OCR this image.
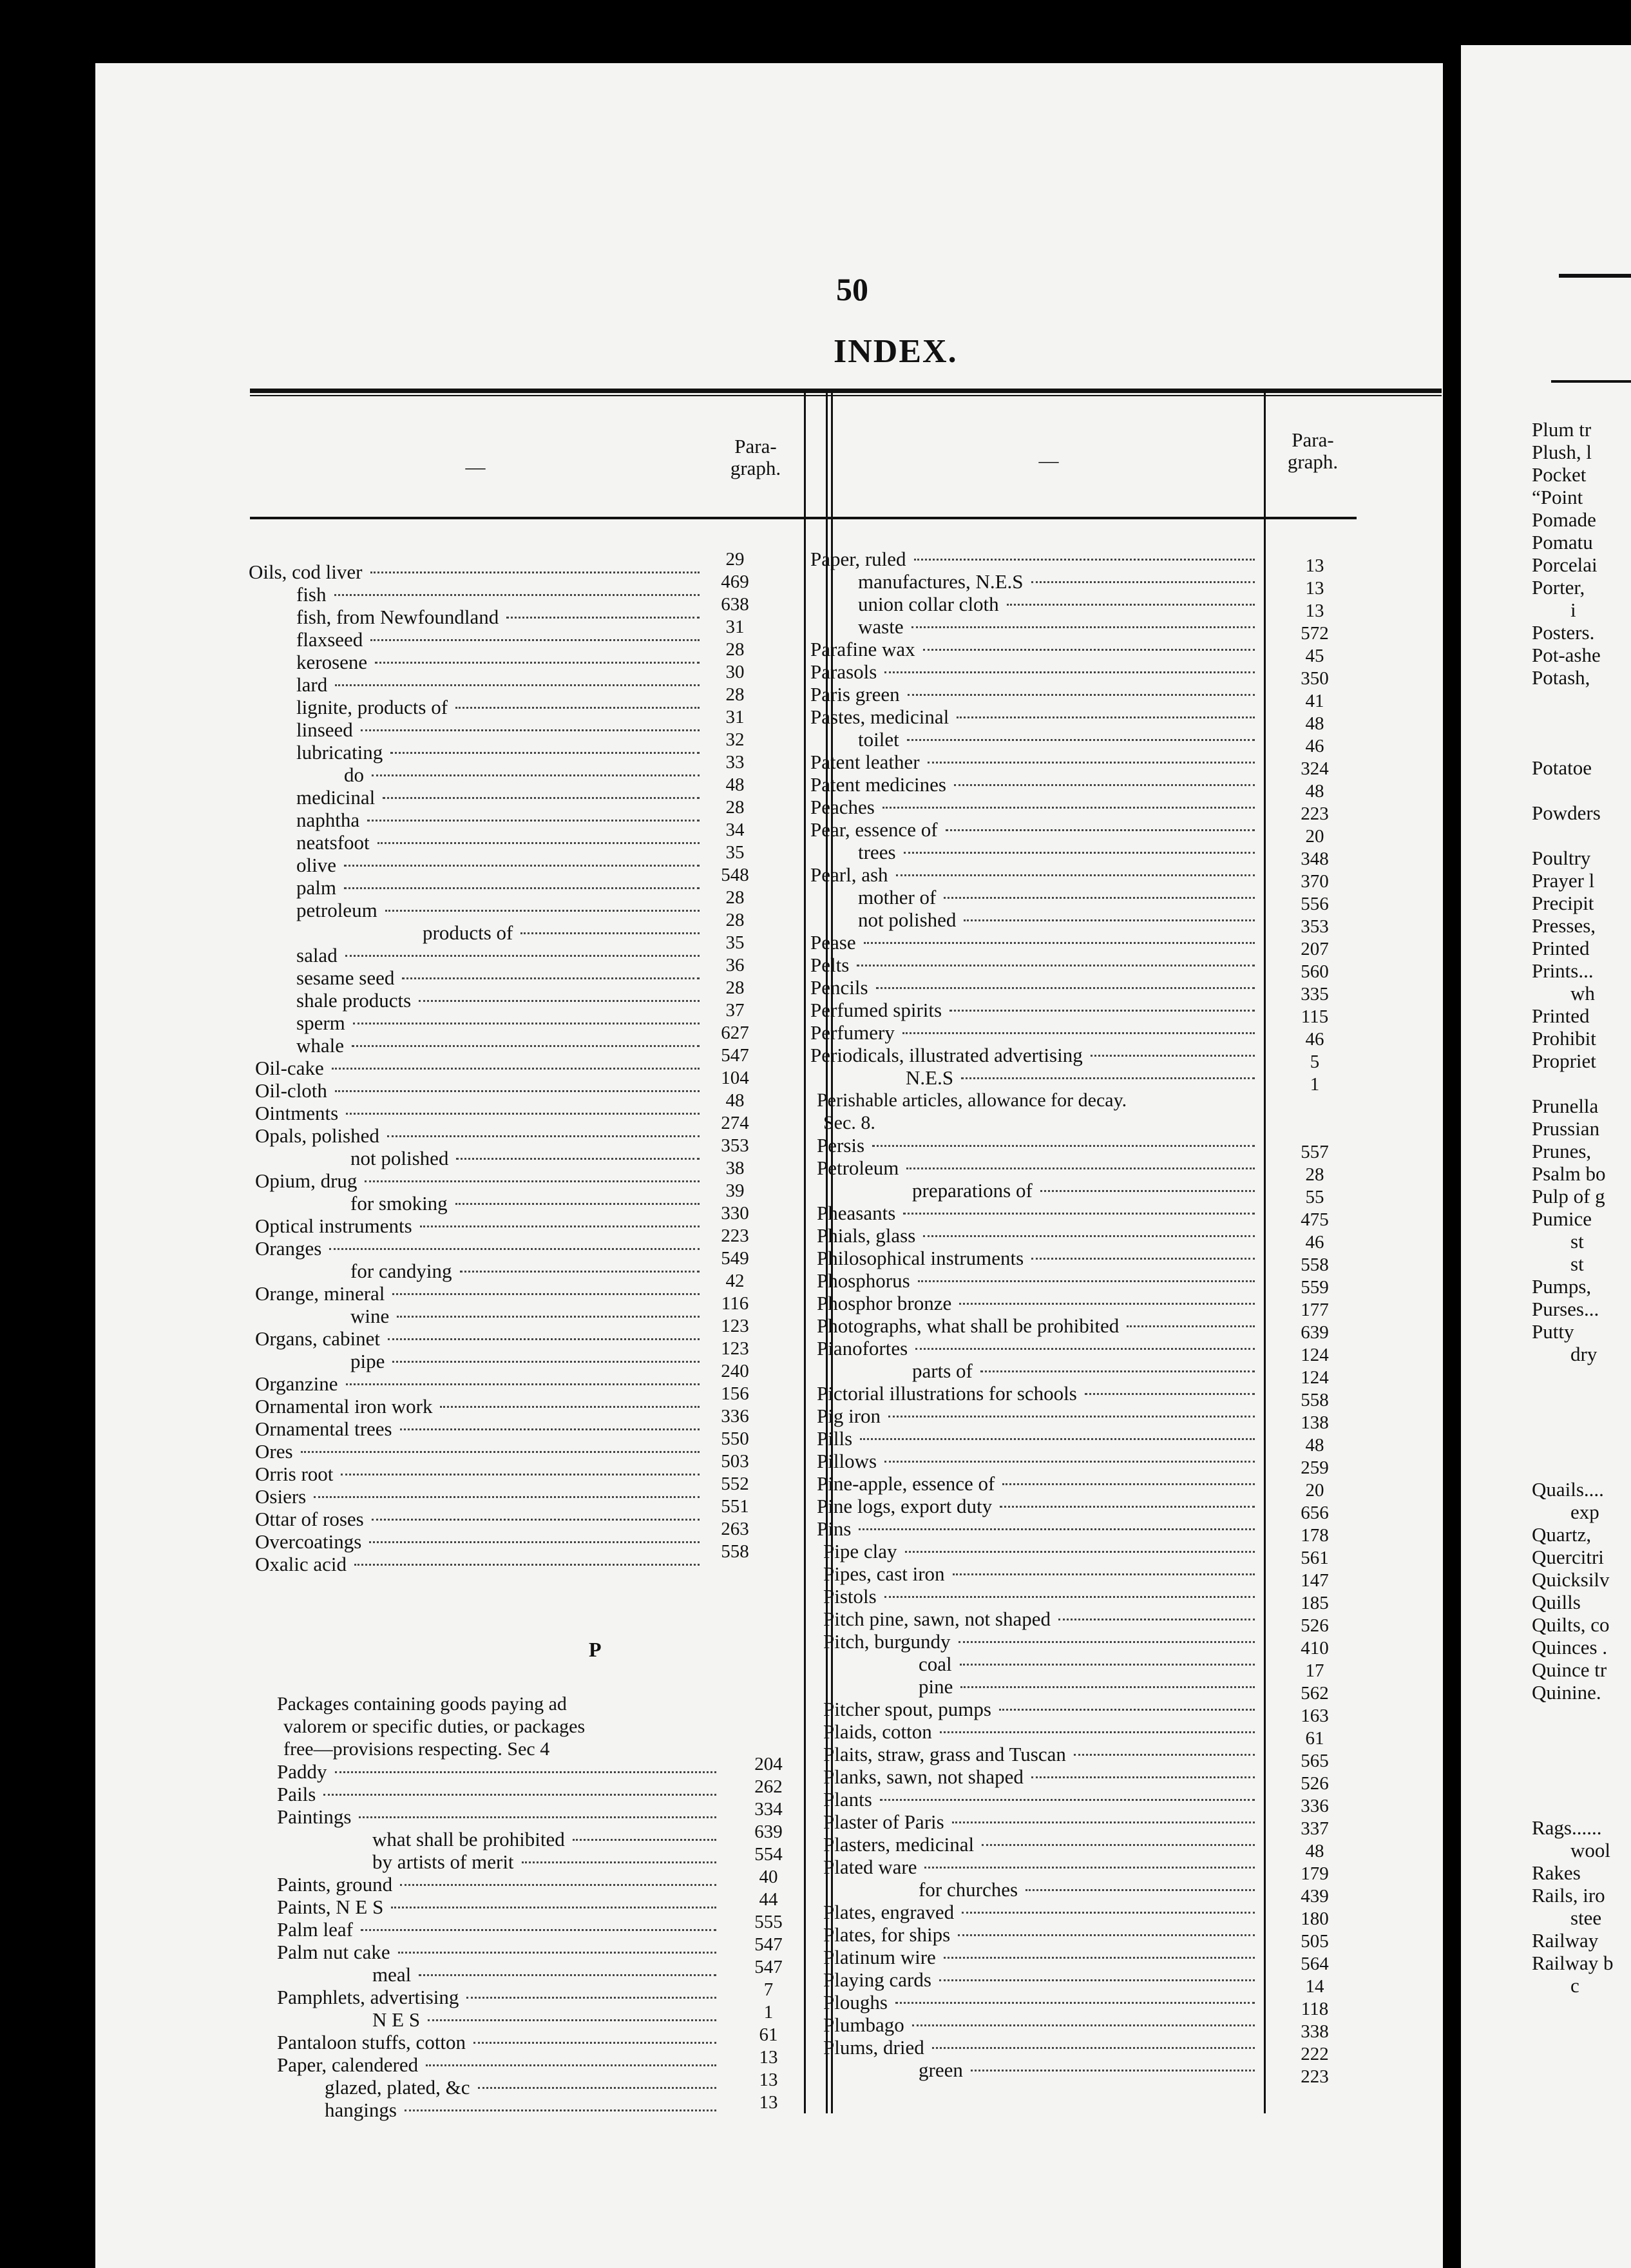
50
INDEX.
—
Para-
graph.	—
Para-
graph.
P
Packages containing goods paying ad
valorem or specific duties, or packages
free—provisions respecting. Sec 4
Perishable articles, allowance for decay.
Sec. 8.
Oils, cod liver
fish
fish, from Newfoundland
flaxseed
kerosene
lard
lignite, products of
linseed
lubricating
do
medicinal
naphtha
neatsfoot
olive
palm
petroleum
products of
salad
sesame seed
shale products
sperm
whale
Oil-cake
Oil-cloth
Ointments
Opals, polished
not polished
Opium, drug
for smoking
Optical instruments
Oranges
for candying
Orange, mineral
wine
Organs, cabinet
pipe
Organzine
Ornamental iron work
Ornamental trees
Ores
Orris root
Osiers
Ottar of roses
Overcoatings
Oxalic acid
29
469
638
31
28
30
28
31
32
33
48
28
34
35
548
28
28
35
36
28
37
627
547
104
48
274
353
38
39
330
223
549
42
116
123
123
240
156
336
550
503
552
551
263
558
Paddy
Pails
Paintings
what shall be prohibited
by artists of merit
Paints, ground
Paints, N E S
Palm leaf
Palm nut cake
meal
Pamphlets, advertising
N E S
Pantaloon stuffs, cotton
Paper, calendered
glazed, plated, &c
hangings
204
262
334
639
554
40
44
555
547
547
7
1
61
13
13
13
Paper, ruled
manufactures, N.E.S
union collar cloth
waste
Parafine wax
Parasols
Paris green
Pastes, medicinal
toilet
Patent leather
Patent medicines
Peaches
Pear, essence of
trees
Pearl, ash
mother of
not polished
Pease
Pelts
Pencils
Perfumed spirits
Perfumery
Periodicals, illustrated advertising
N.E.S
Persis
Petroleum
preparations of
Pheasants
Phials, glass
Philosophical instruments
Phosphorus
Phosphor bronze
Photographs, what shall be prohibited
Pianofortes
parts of
Pictorial illustrations for schools
Pig iron
Pills
Pillows
Pine-apple, essence of
Pine logs, export duty
Pins
Pipe clay
Pipes, cast iron
Pistols
Pitch pine, sawn, not shaped
Pitch, burgundy
coal
pine
Pitcher spout, pumps
Plaids, cotton
Plaits, straw, grass and Tuscan
Planks, sawn, not shaped
Plants
Plaster of Paris
Plasters, medicinal
Plated ware
for churches
Plates, engraved
Plates, for ships
Platinum wire
Playing cards
Ploughs
Plumbago
Plums, dried
green
13
13
13
572
45
350
41
48
46
324
48
223
20
348
370
556
353
207
560
335
115
46
5
1
557
28
55
475
46
558
559
177
639
124
124
558
138
48
259
20
656
178
561
147
185
526
410
17
562
163
61
565
526
336
337
48
179
439
180
505
564
14
118
338
222
223
Plum tr
Plush, l
Pocket
“Point
Pomade
Pomatu
Porcelai
Porter,
i
Posters.
Pot-ashe
Potash,
Potatoe
Powders
Poultry
Prayer l
Precipit
Presses,
Printed
Prints...
wh
Printed
Prohibit
Propriet
Prunella
Prussian
Prunes,
Psalm bo
Pulp of g
Pumice
st
st
Pumps,
Purses...
Putty
dry
Quails....
exp
Quartz,
Quercitri
Quicksilv
Quills
Quilts, co
Quinces .
Quince tr
Quinine.
Rags......
wool
Rakes
Rails, iro
stee
Railway
Railway b
c
